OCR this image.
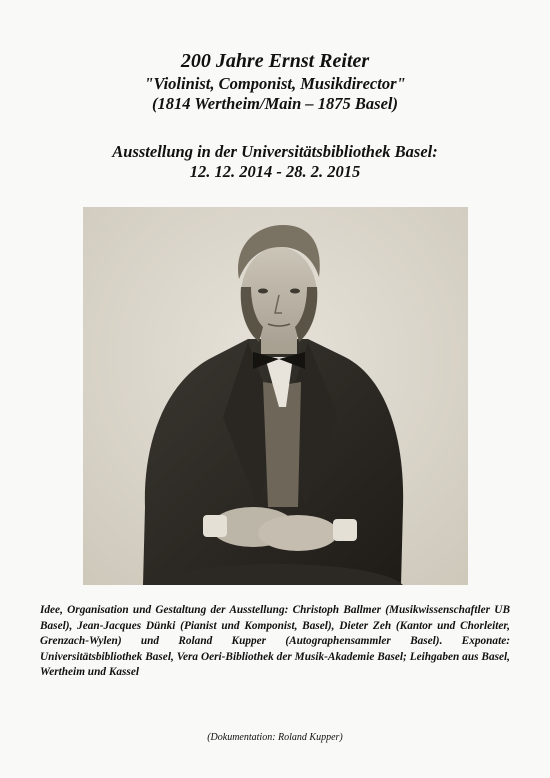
200 Jahre Ernst Reiter
"Violinist, Componist, Musikdirector"
(1814 Wertheim/Main – 1875 Basel)
Ausstellung in der Universitätsbibliothek Basel:
12. 12. 2014 - 28. 2. 2015
Idee, Organisation und Gestaltung der Ausstellung: Christoph Ballmer (Musikwissenschaftler UB Basel), Jean-Jacques Dünki (Pianist und Komponist, Basel), Dieter Zeh (Kantor und Chorleiter, Grenzach-Wylen) und Roland Kupper (Autographensammler Basel). Exponate: Universitätsbibliothek Basel, Vera Oeri-Bibliothek der Musik-Akademie Basel; Leihgaben aus Basel, Wertheim und Kassel
(Dokumentation: Roland Kupper)
